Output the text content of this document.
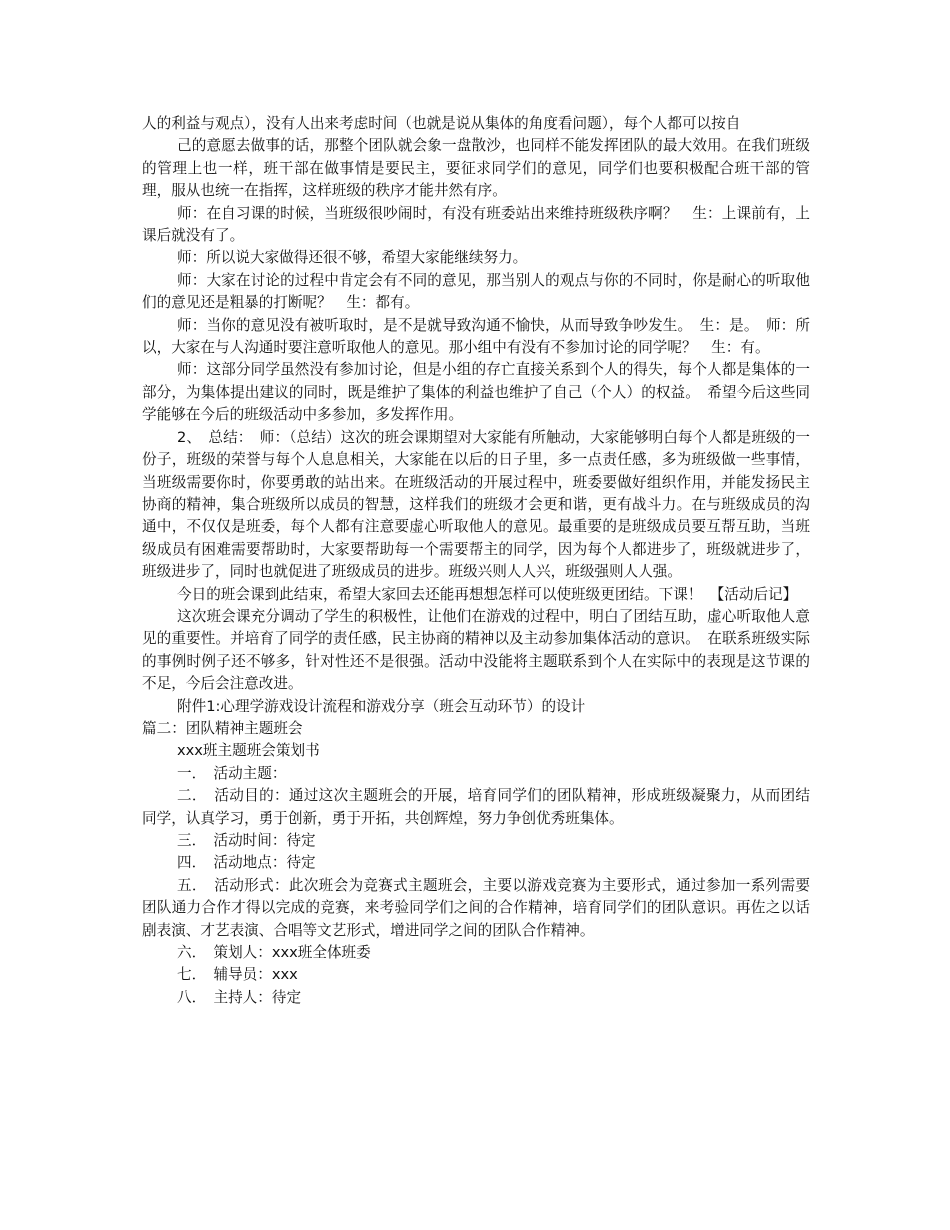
人的利益与观点），没有人出来考虑时间（也就是说从集体的角度看问题），每个人都可以按自

己的意愿去做事的话，那整个团队就会象一盘散沙，也同样不能发挥团队的最大效用。在我们班级的管理上也一样，班干部在做事情是要民主，要征求同学们的意见，同学们也要积极配合班干部的管理，服从也统一在指挥，这样班级的秩序才能井然有序。

师：在自习课的时候，当班级很吵闹时，有没有班委站出来维持班级秩序啊？　生：上课前有，上课后就没有了。

师：所以说大家做得还很不够，希望大家能继续努力。

师：大家在讨论的过程中肯定会有不同的意见，那当别人的观点与你的不同时，你是耐心的听取他们的意见还是粗暴的打断呢？　生：都有。

师：当你的意见没有被听取时，是不是就导致沟通不愉快，从而导致争吵发生。　生：是。　师：所以，大家在与人沟通时要注意听取他人的意见。那小组中有没有不参加讨论的同学呢？　生：有。

师：这部分同学虽然没有参加讨论，但是小组的存亡直接关系到个人的得失，每个人都是集体的一部分，为集体提出建议的同时，既是维护了集体的利益也维护了自己（个人）的权益。　希望今后这些同学能够在今后的班级活动中多参加，多发挥作用。

2、　总结：　师：（总结）这次的班会课期望对大家能有所触动，大家能够明白每个人都是班级的一份子，班级的荣誉与每个人息息相关，大家能在以后的日子里，多一点责任感，多为班级做一些事情，当班级需要你时，你要勇敢的站出来。在班级活动的开展过程中，班委要做好组织作用，并能发扬民主协商的精神，集合班级所以成员的智慧，这样我们的班级才会更和谐，更有战斗力。在与班级成员的沟通中，不仅仅是班委，每个人都有注意要虚心听取他人的意见。最重要的是班级成员要互帮互助，当班级成员有困难需要帮助时，大家要帮助每一个需要帮主的同学，因为每个人都进步了，班级就进步了，班级进步了，同时也就促进了班级成员的进步。班级兴则人人兴，班级强则人人强。

今日的班会课到此结束，希望大家回去还能再想想怎样可以使班级更团结。下课！　【活动后记】

这次班会课充分调动了学生的积极性，让他们在游戏的过程中，明白了团结互助，虚心听取他人意见的重要性。并培育了同学的责任感，民主协商的精神以及主动参加集体活动的意识。　在联系班级实际的事例时例子还不够多，针对性还不是很强。活动中没能将主题联系到个人在实际中的表现是这节课的不足，今后会注意改进。

附件1:心理学游戏设计流程和游戏分享（班会互动环节）的设计

篇二：团队精神主题班会

xxx班主题班会策划书

一．　活动主题：

二．　活动目的：通过这次主题班会的开展，培育同学们的团队精神，形成班级凝聚力，从而团结同学，认真学习，勇于创新，勇于开拓，共创辉煌，努力争创优秀班集体。

三．　活动时间：待定

四．　活动地点：待定

五．　活动形式：此次班会为竞赛式主题班会，主要以游戏竞赛为主要形式，通过参加一系列需要团队通力合作才得以完成的竞赛，来考验同学们之间的合作精神，培育同学们的团队意识。再佐之以话剧表演、才艺表演、合唱等文艺形式，增进同学之间的团队合作精神。

六．　策划人：xxx班全体班委

七．　辅导员：xxx

八．　主持人：待定
